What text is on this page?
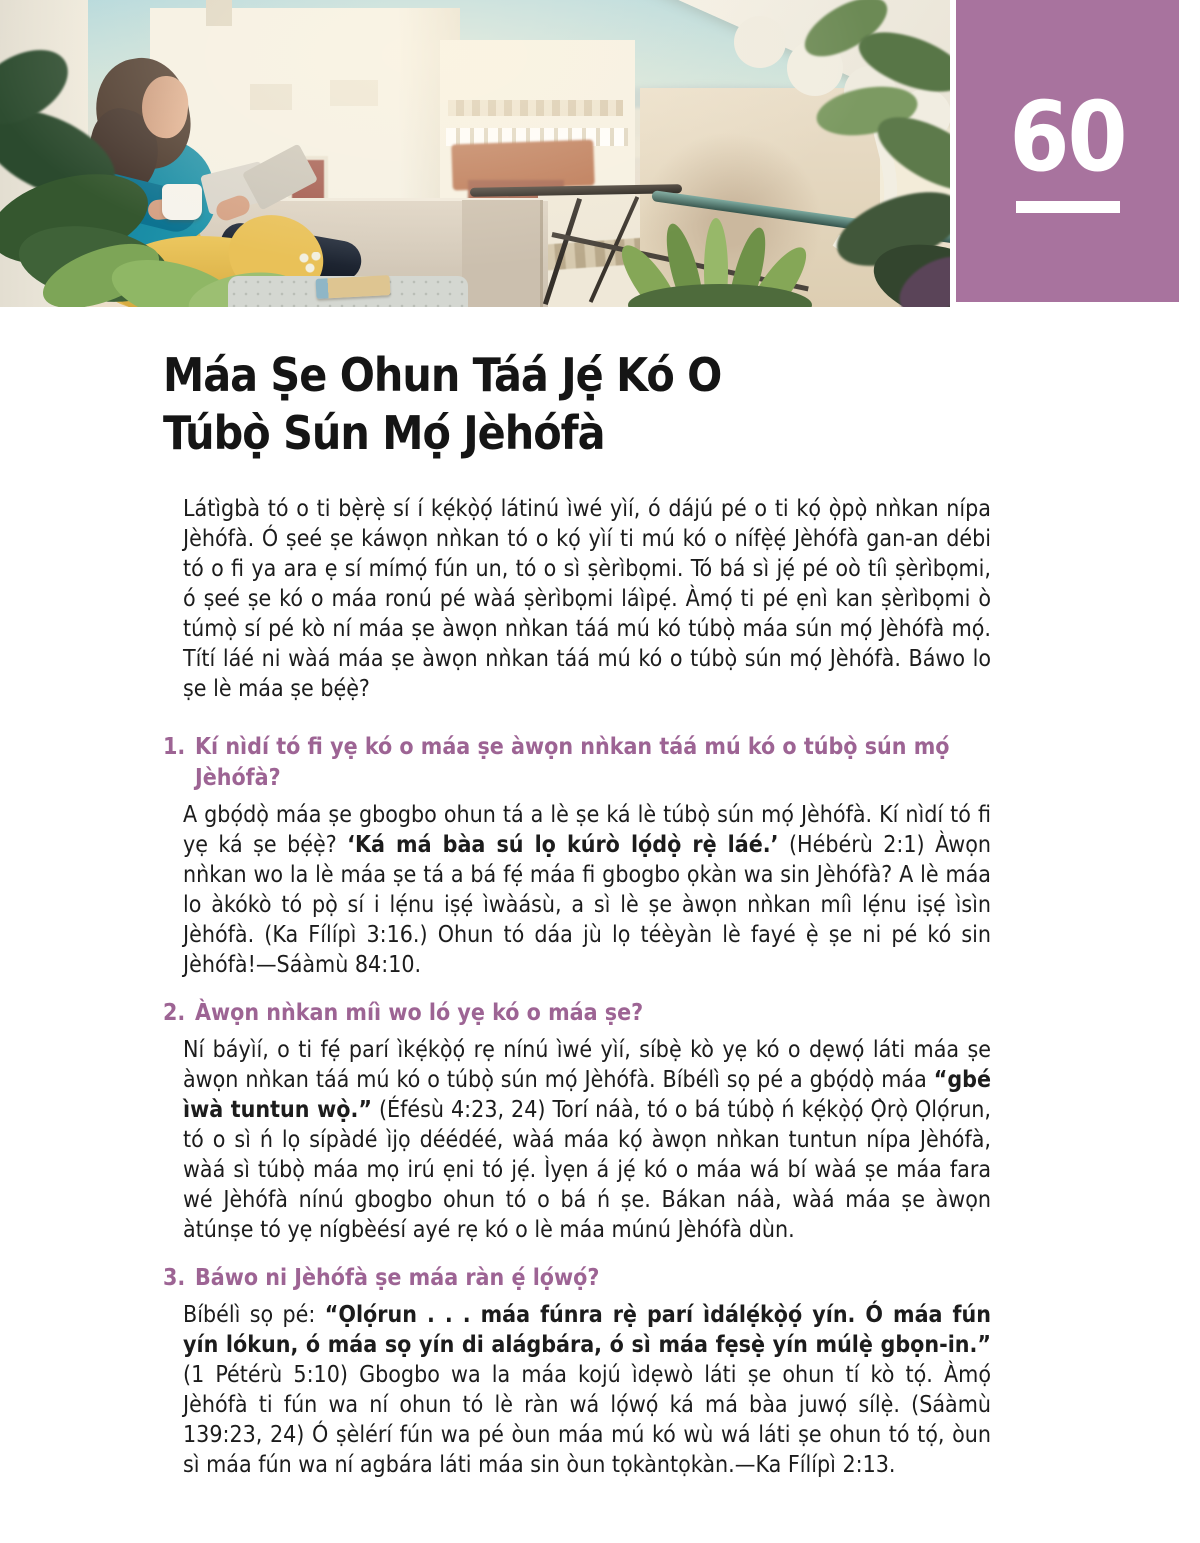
60
Máa Ṣe Ohun Táá Jẹ́ Kó O
Túbọ̀ Sún Mọ́ Jèhófà

Látìgbà tó o ti bẹ̀rẹ̀ sí í kẹ́kọ̀ọ́ látinú ìwé yìí, ó dájú pé o ti kọ́ ọ̀pọ̀ nǹkan nípa Jèhófà. Ó ṣeé ṣe káwọn nǹkan tó o kọ́ yìí ti mú kó o nífẹ̀ẹ́ Jèhófà gan-an débi tó o fi ya ara ẹ sí mímọ́ fún un, tó o sì ṣèrìbọmi. Tó bá sì jẹ́ pé oò tíì ṣèrìbọmi, ó ṣeé ṣe kó o máa ronú pé wàá ṣèrìbọmi láìpẹ́. Àmọ́ ti pé ẹnì kan ṣèrìbọmi ò túmọ̀ sí pé kò ní máa ṣe àwọn nǹkan táá mú kó túbọ̀ máa sún mọ́ Jèhófà mọ́. Títí láé ni wàá máa ṣe àwọn nǹkan táá mú kó o túbọ̀ sún mọ́ Jèhófà. Báwo lo ṣe lè máa ṣe bẹ́ẹ̀?

1. Kí nìdí tó fi yẹ kó o máa ṣe àwọn nǹkan táá mú kó o túbọ̀ sún mọ́ Jèhófà?

A gbọ́dọ̀ máa ṣe gbogbo ohun tá a lè ṣe ká lè túbọ̀ sún mọ́ Jèhófà. Kí nìdí tó fi yẹ ká ṣe bẹ́ẹ̀? ‘Ká má bàa sú lọ kúrò lọ́dọ̀ rẹ̀ láé.’ (Hébérù 2:1) Àwọn nǹkan wo la lè máa ṣe tá a bá fẹ́ máa fi gbogbo ọkàn wa sin Jèhófà? A lè máa lo àkókò tó pọ̀ sí i lẹ́nu iṣẹ́ ìwàásù, a sì lè ṣe àwọn nǹkan míì lẹ́nu iṣẹ́ ìsìn Jèhófà. (Ka Fílípì 3:16.) Ohun tó dáa jù lọ téèyàn lè fayé ẹ̀ ṣe ni pé kó sin Jèhófà!—Sáàmù 84:10.

2. Àwọn nǹkan míì wo ló yẹ kó o máa ṣe?

Ní báyìí, o ti fẹ́ parí ìkẹ́kọ̀ọ́ rẹ nínú ìwé yìí, síbẹ̀ kò yẹ kó o dẹwọ́ láti máa ṣe àwọn nǹkan táá mú kó o túbọ̀ sún mọ́ Jèhófà. Bíbélì sọ pé a gbọ́dọ̀ máa “gbé ìwà tuntun wọ̀.” (Éfésù 4:23, 24) Torí náà, tó o bá túbọ̀ ń kẹ́kọ̀ọ́ Ọ̀rọ̀ Ọlọ́run, tó o sì ń lọ sípàdé ìjọ déédéé, wàá máa kọ́ àwọn nǹkan tuntun nípa Jèhófà, wàá sì túbọ̀ máa mọ irú ẹni tó jẹ́. Ìyẹn á jẹ́ kó o máa wá bí wàá ṣe máa fara wé Jèhófà nínú gbogbo ohun tó o bá ń ṣe. Bákan náà, wàá máa ṣe àwọn àtúnṣe tó yẹ nígbèésí ayé rẹ kó o lè máa múnú Jèhófà dùn.

3. Báwo ni Jèhófà ṣe máa ràn ẹ́ lọ́wọ́?

Bíbélì sọ pé: “Ọlọ́run . . . máa fúnra rẹ̀ parí ìdálẹ́kọ̀ọ́ yín. Ó máa fún yín lókun, ó máa sọ yín di alágbára, ó sì máa fẹsẹ̀ yín múlẹ̀ gbọn-in.” (1 Pétérù 5:10) Gbogbo wa la máa kojú ìdẹwò láti ṣe ohun tí kò tọ́. Àmọ́ Jèhófà ti fún wa ní ohun tó lè ràn wá lọ́wọ́ ká má bàa juwọ́ sílẹ̀. (Sáàmù 139:23, 24) Ó ṣèlérí fún wa pé òun máa mú kó wù wá láti ṣe ohun tó tọ́, òun sì máa fún wa ní agbára láti máa sin òun tọkàntọkàn.—Ka Fílípì 2:13.
